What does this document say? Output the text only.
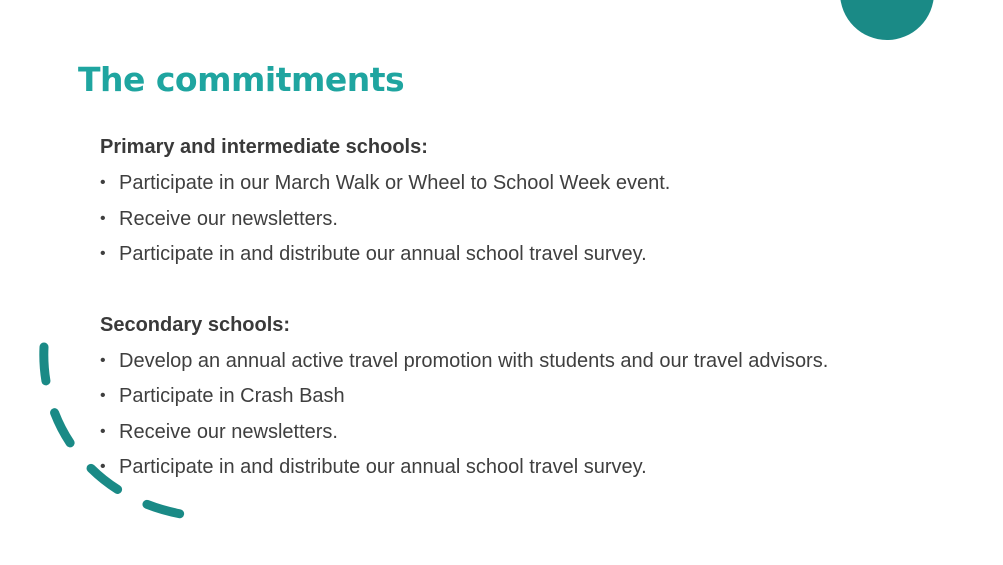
The commitments

Primary and intermediate schools:

• Participate in our March Walk or Wheel to School Week event.
• Receive our newsletters.
• Participate in and distribute our annual school travel survey.

Secondary schools:

• Develop an annual active travel promotion with students and our travel advisors.
• Participate in Crash Bash
• Receive our newsletters.
• Participate in and distribute our annual school travel survey.
